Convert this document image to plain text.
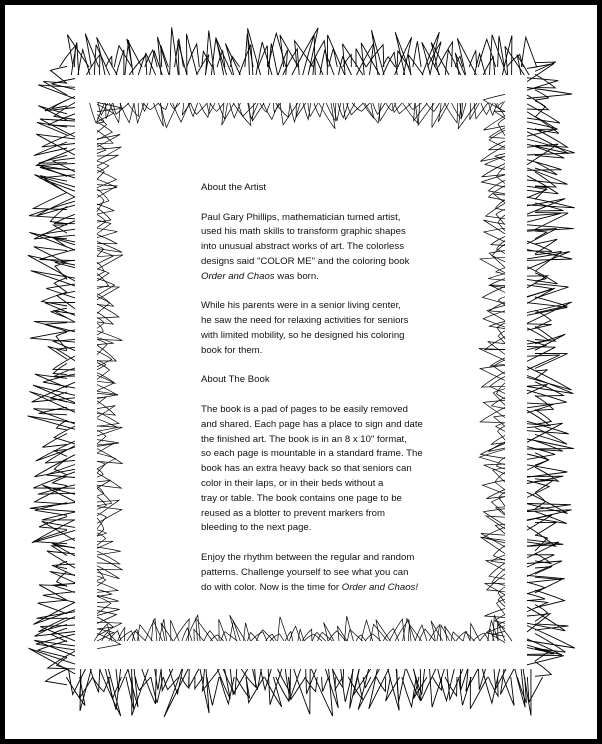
About the Artist

Paul Gary Phillips, mathematician turned artist,
used his math skills to transform graphic shapes
into unusual abstract works of art. The colorless
designs said "COLOR ME" and the coloring book
Order and Chaos was born.

While his parents were in a senior living center,
he saw the need for relaxing activities for seniors
with limited mobility, so he designed his coloring
book for them.

About The Book

The book is a pad of pages to be easily removed
and shared. Each page has a place to sign and date
the finished art. The book is in an 8 x 10" format,
so each page is mountable in a standard frame. The
book has an extra heavy back so that seniors can
color in their laps, or in their beds without a
tray or table. The book contains one page to be
reused as a blotter to prevent markers from
bleeding to the next page.

Enjoy the rhythm between the regular and random
patterns. Challenge yourself to see what you can
do with color. Now is the time for Order and Chaos!
